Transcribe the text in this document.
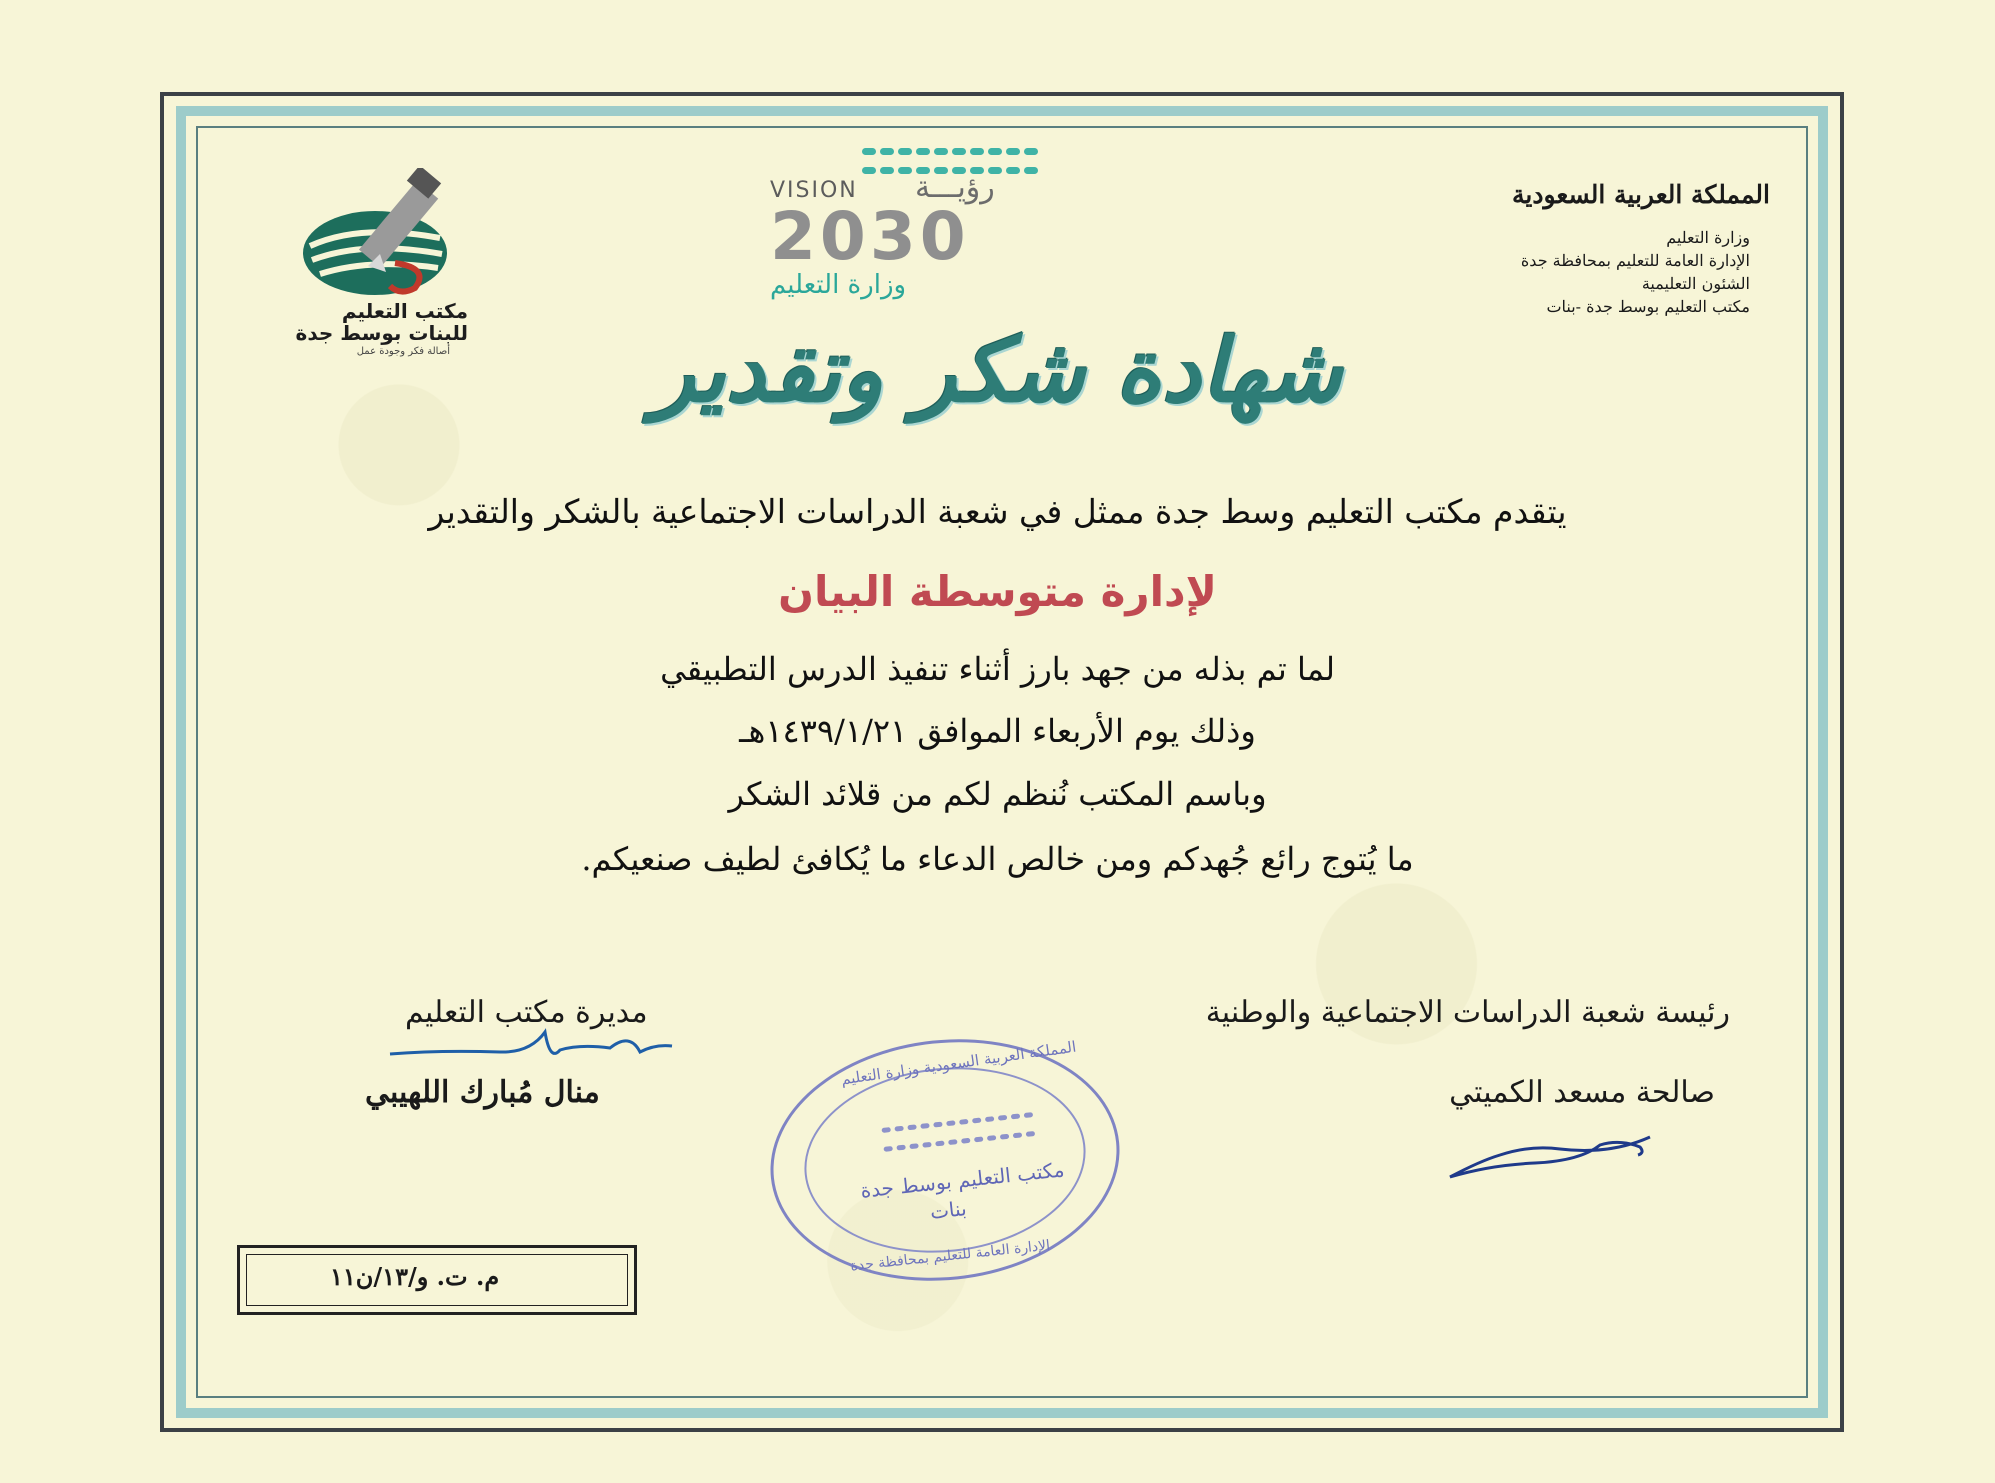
المملكة العربية السعودية
وزارة التعليم
الإدارة العامة للتعليم بمحافظة جدة
الشئون التعليمية
مكتب التعليم بوسط جدة -بنات

VISION رؤيـــة
2030
وزارة التعليم
مكتب التعليم
للبنات بوسط جدة
أصالة فكر وجودة عمل	شهادة شكر وتقدير
يتقدم مكتب التعليم وسط جدة ممثل في شعبة الدراسات الاجتماعية بالشكر والتقدير
لإدارة متوسطة البيان
لما تم بذله من جهد بارز أثناء تنفيذ الدرس التطبيقي
وذلك يوم الأربعاء الموافق ١٤٣٩/١/٢١هـ
وباسم المكتب نُنظم لكم من قلائد الشكر
ما يُتوج رائع جُهدكم ومن خالص الدعاء ما يُكافئ لطيف صنعيكم.
رئيسة شعبة الدراسات الاجتماعية والوطنية
صالحة مسعد الكميتي
مديرة مكتب التعليم
منال مُبارك اللهيبي
المملكة العربية السعودية وزارة التعليم

مكتب التعليم بوسط جدة
بنات
الإدارة العامة للتعليم بمحافظة جدة
م. ت. و/١٣/ن١١
